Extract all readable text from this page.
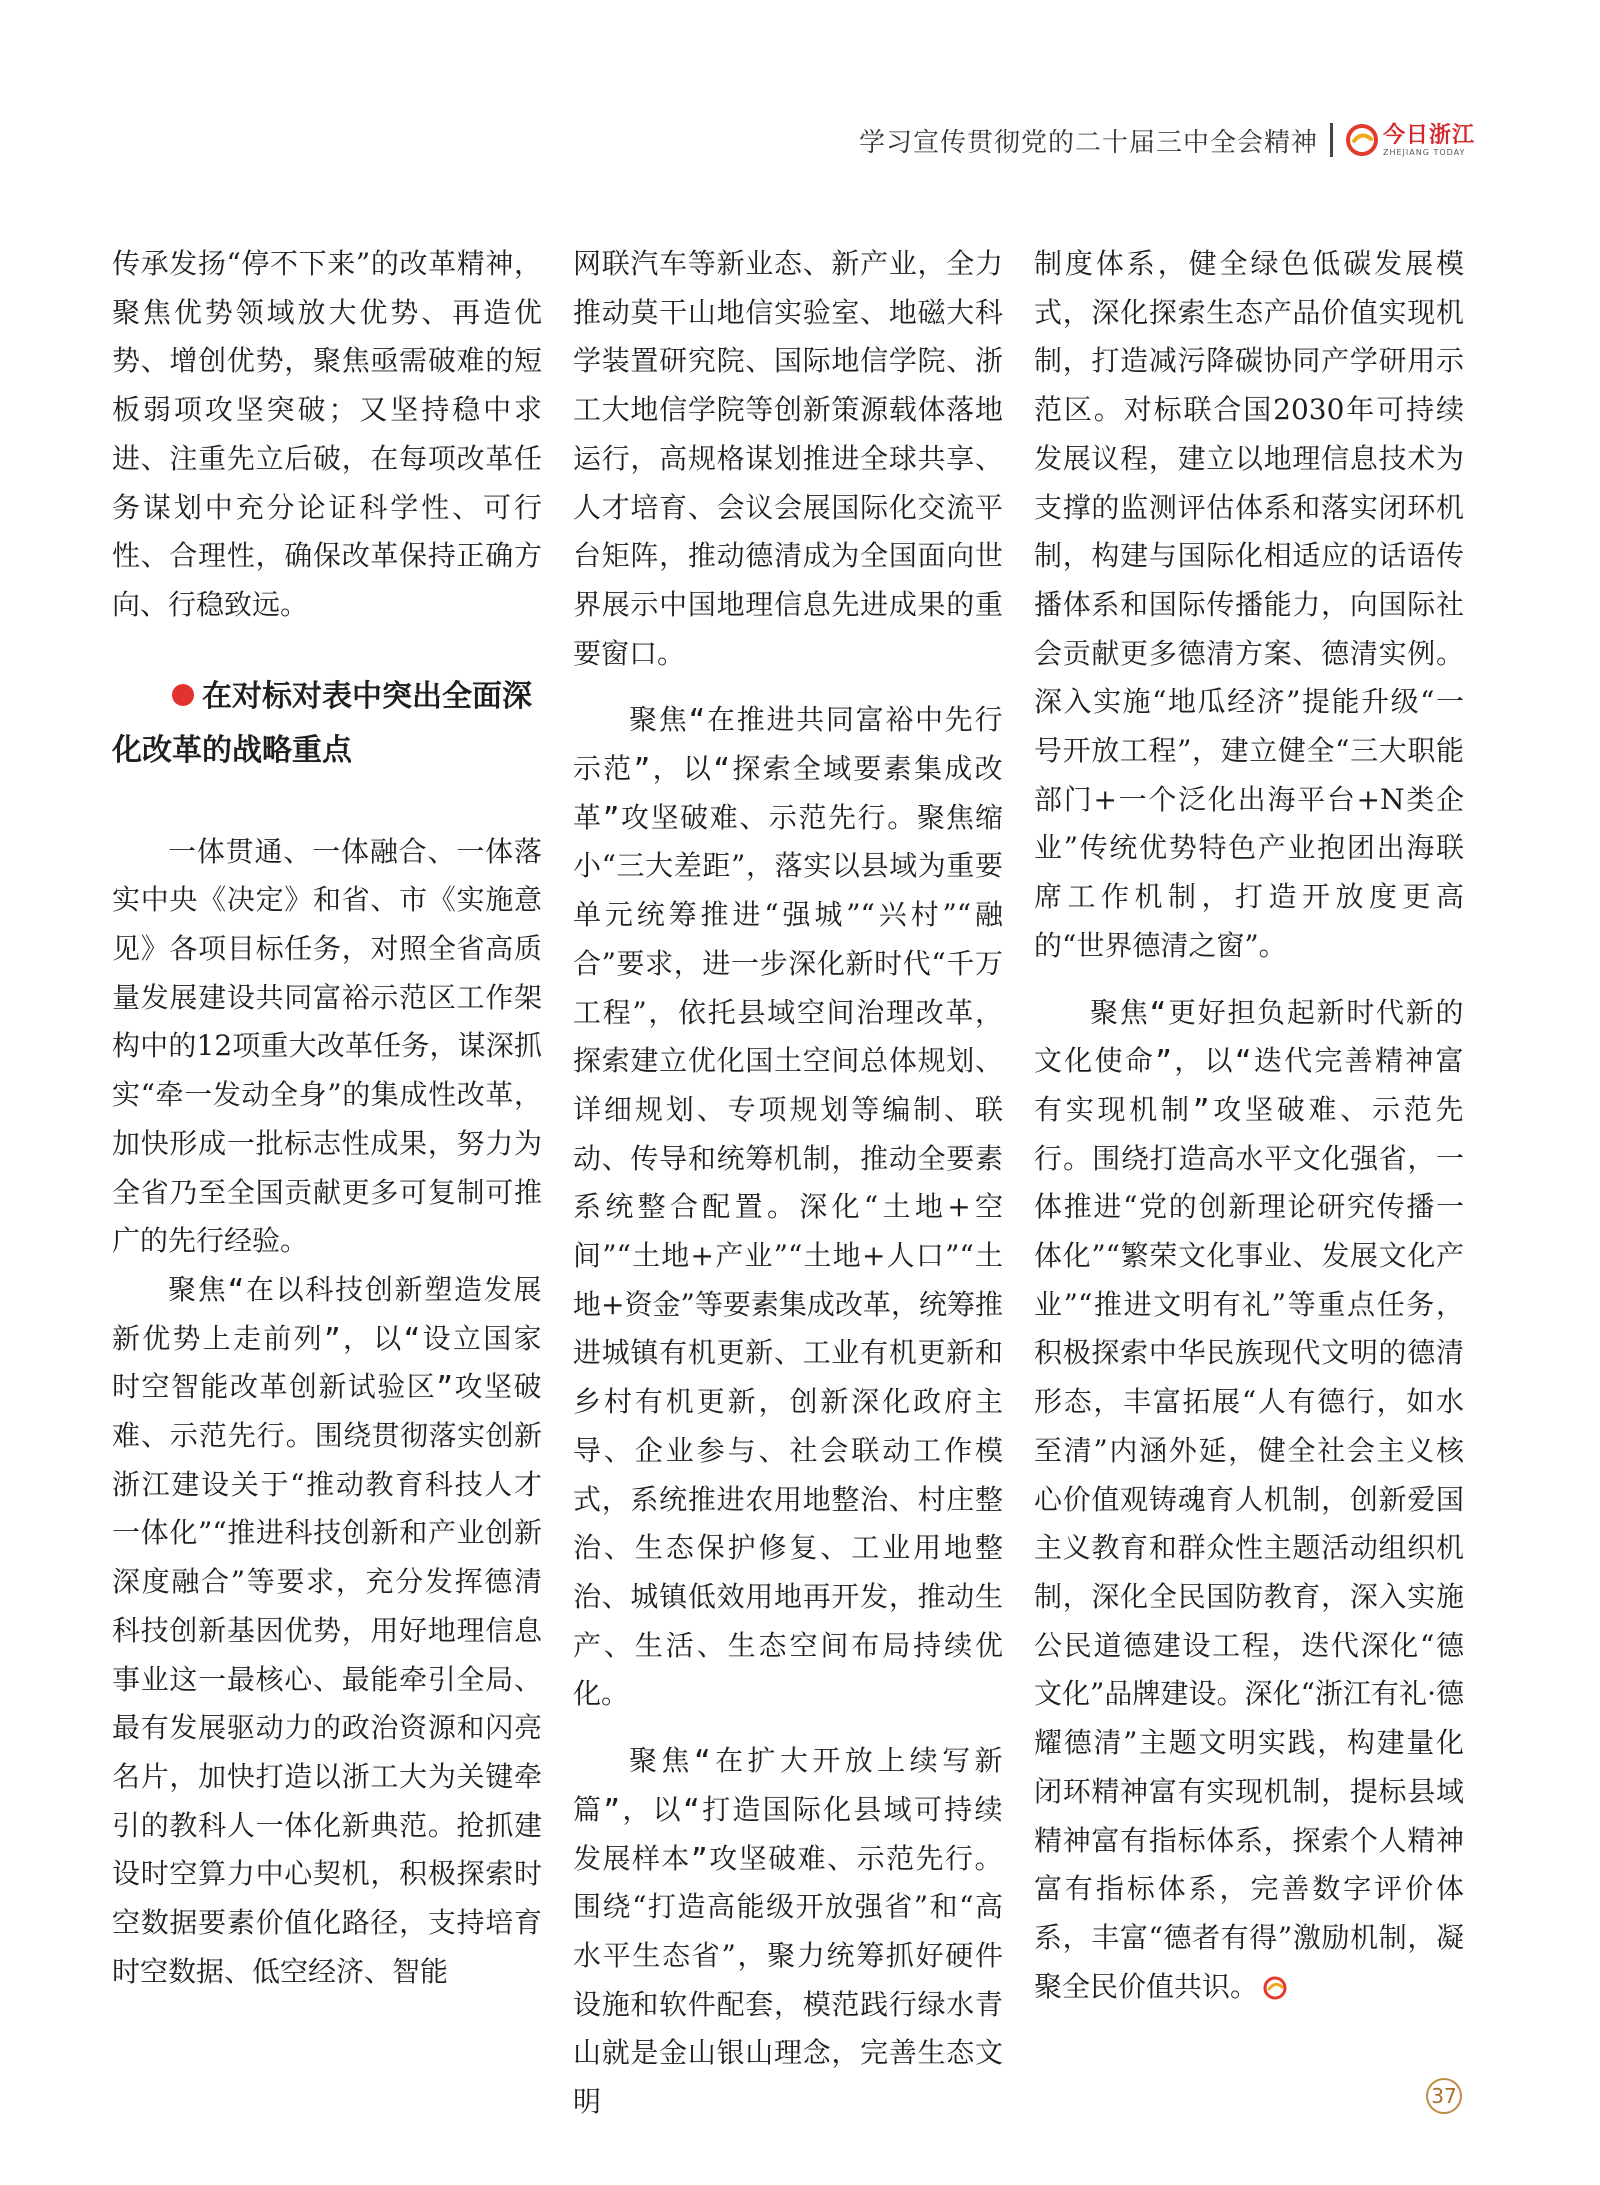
学习宣传贯彻党的二十届三中全会精神	今日浙江
ZHEJIANG TODAY

传承发扬“停不下来”的改革精神，聚焦优势领域放大优势、再造优势、增创优势，聚焦亟需破难的短板弱项攻坚突破；又坚持稳中求进、注重先立后破，在每项改革任务谋划中充分论证科学性、可行性、合理性，确保改革保持正确方向、行稳致远。

在对标对表中突出全面深化改革的战略重点

一体贯通、一体融合、一体落实中央《决定》和省、市《实施意见》各项目标任务，对照全省高质量发展建设共同富裕示范区工作架构中的12项重大改革任务，谋深抓实“牵一发动全身”的集成性改革，加快形成一批标志性成果，努力为全省乃至全国贡献更多可复制可推广的先行经验。

聚焦“在以科技创新塑造发展新优势上走前列”，以“设立国家时空智能改革创新试验区”攻坚破难、示范先行。围绕贯彻落实创新浙江建设关于“推动教育科技人才一体化”“推进科技创新和产业创新深度融合”等要求，充分发挥德清科技创新基因优势，用好地理信息事业这一最核心、最能牵引全局、最有发展驱动力的政治资源和闪亮名片，加快打造以浙工大为关键牵引的教科人一体化新典范。抢抓建设时空算力中心契机，积极探索时空数据要素价值化路径，支持培育时空数据、低空经济、智能

网联汽车等新业态、新产业，全力推动莫干山地信实验室、地磁大科学装置研究院、国际地信学院、浙工大地信学院等创新策源载体落地运行，高规格谋划推进全球共享、人才培育、会议会展国际化交流平台矩阵，推动德清成为全国面向世界展示中国地理信息先进成果的重要窗口。

聚焦“在推进共同富裕中先行示范”，以“探索全域要素集成改革”攻坚破难、示范先行。聚焦缩小“三大差距”，落实以县域为重要单元统筹推进“强城”“兴村”“融合”要求，进一步深化新时代“千万工程”，依托县域空间治理改革，探索建立优化国土空间总体规划、详细规划、专项规划等编制、联动、传导和统筹机制，推动全要素系统整合配置。深化“土地+空间”“土地+产业”“土地+人口”“土地+资金”等要素集成改革，统筹推进城镇有机更新、工业有机更新和乡村有机更新，创新深化政府主导、企业参与、社会联动工作模式，系统推进农用地整治、村庄整治、生态保护修复、工业用地整治、城镇低效用地再开发，推动生产、生活、生态空间布局持续优化。

聚焦“在扩大开放上续写新篇”，以“打造国际化县域可持续发展样本”攻坚破难、示范先行。围绕“打造高能级开放强省”和“高水平生态省”，聚力统筹抓好硬件设施和软件配套，模范践行绿水青山就是金山银山理念，完善生态文明

制度体系，健全绿色低碳发展模式，深化探索生态产品价值实现机制，打造减污降碳协同产学研用示范区。对标联合国2030年可持续发展议程，建立以地理信息技术为支撑的监测评估体系和落实闭环机制，构建与国际化相适应的话语传播体系和国际传播能力，向国际社会贡献更多德清方案、德清实例。深入实施“地瓜经济”提能升级“一号开放工程”，建立健全“三大职能部门+一个泛化出海平台+N类企业”传统优势特色产业抱团出海联席工作机制，打造开放度更高的“世界德清之窗”。

聚焦“更好担负起新时代新的文化使命”，以“迭代完善精神富有实现机制”攻坚破难、示范先行。围绕打造高水平文化强省，一体推进“党的创新理论研究传播一体化”“繁荣文化事业、发展文化产业”“推进文明有礼”等重点任务，积极探索中华民族现代文明的德清形态，丰富拓展“人有德行，如水至清”内涵外延，健全社会主义核心价值观铸魂育人机制，创新爱国主义教育和群众性主题活动组织机制，深化全民国防教育，深入实施公民道德建设工程，迭代深化“德文化”品牌建设。深化“浙江有礼·德耀德清”主题文明实践，构建量化闭环精神富有实现机制，提标县域精神富有指标体系，探索个人精神富有指标体系，完善数字评价体系，丰富“德者有得”激励机制，凝聚全民价值共识。

37
